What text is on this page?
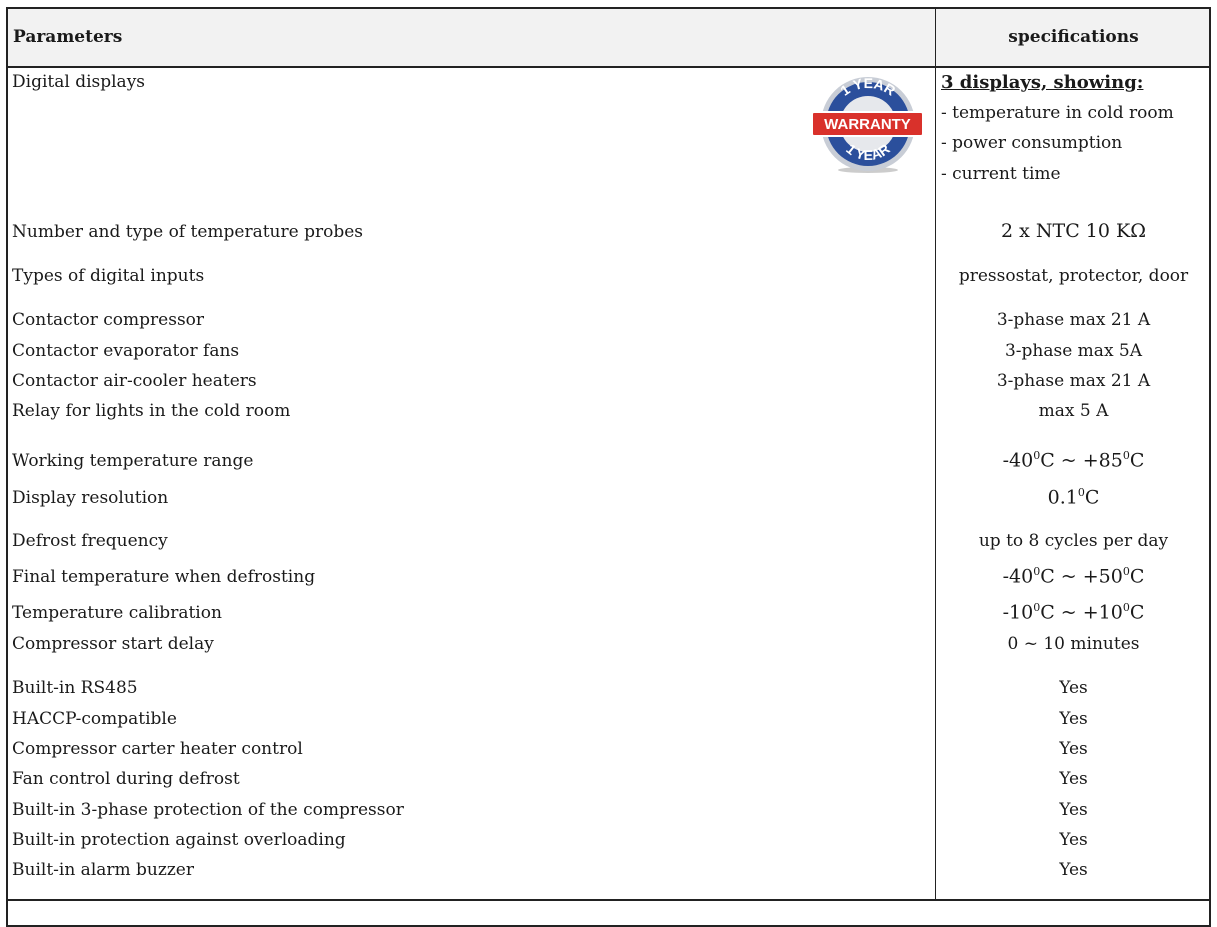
Parameters	specifications
Digital displays	3 displays, showing:
- temperature in cold room
- power consumption
- current time
1 YEAR
1 YEAR
WARRANTY
Number and type of temperature probes	2 x NTC 10 KΩ
Types of digital inputs	pressostat, protector, door
Contactor compressor	3-phase max 21 A
Contactor evaporator fans	3-phase max 5A
Contactor air-cooler heaters	3-phase max 21 A
Relay for lights in the cold room	max 5 A
Working temperature range	$-40^0C$ ~ $+85^0C$
Display resolution	$0.1^0C$
Defrost frequency	up to 8 cycles per day
Final temperature when defrosting	$-40^0C$ ~ $+50^0C$
Temperature calibration	$-10^0C$ ~ $+10^0C$
Compressor start delay	0 ~ 10 minutes
Built-in RS485	Yes
HACCP-compatible	Yes
Compressor carter heater control	Yes
Fan control during defrost	Yes
Built-in 3-phase protection of the compressor	Yes
Built-in protection against overloading	Yes
Built-in alarm buzzer	Yes
